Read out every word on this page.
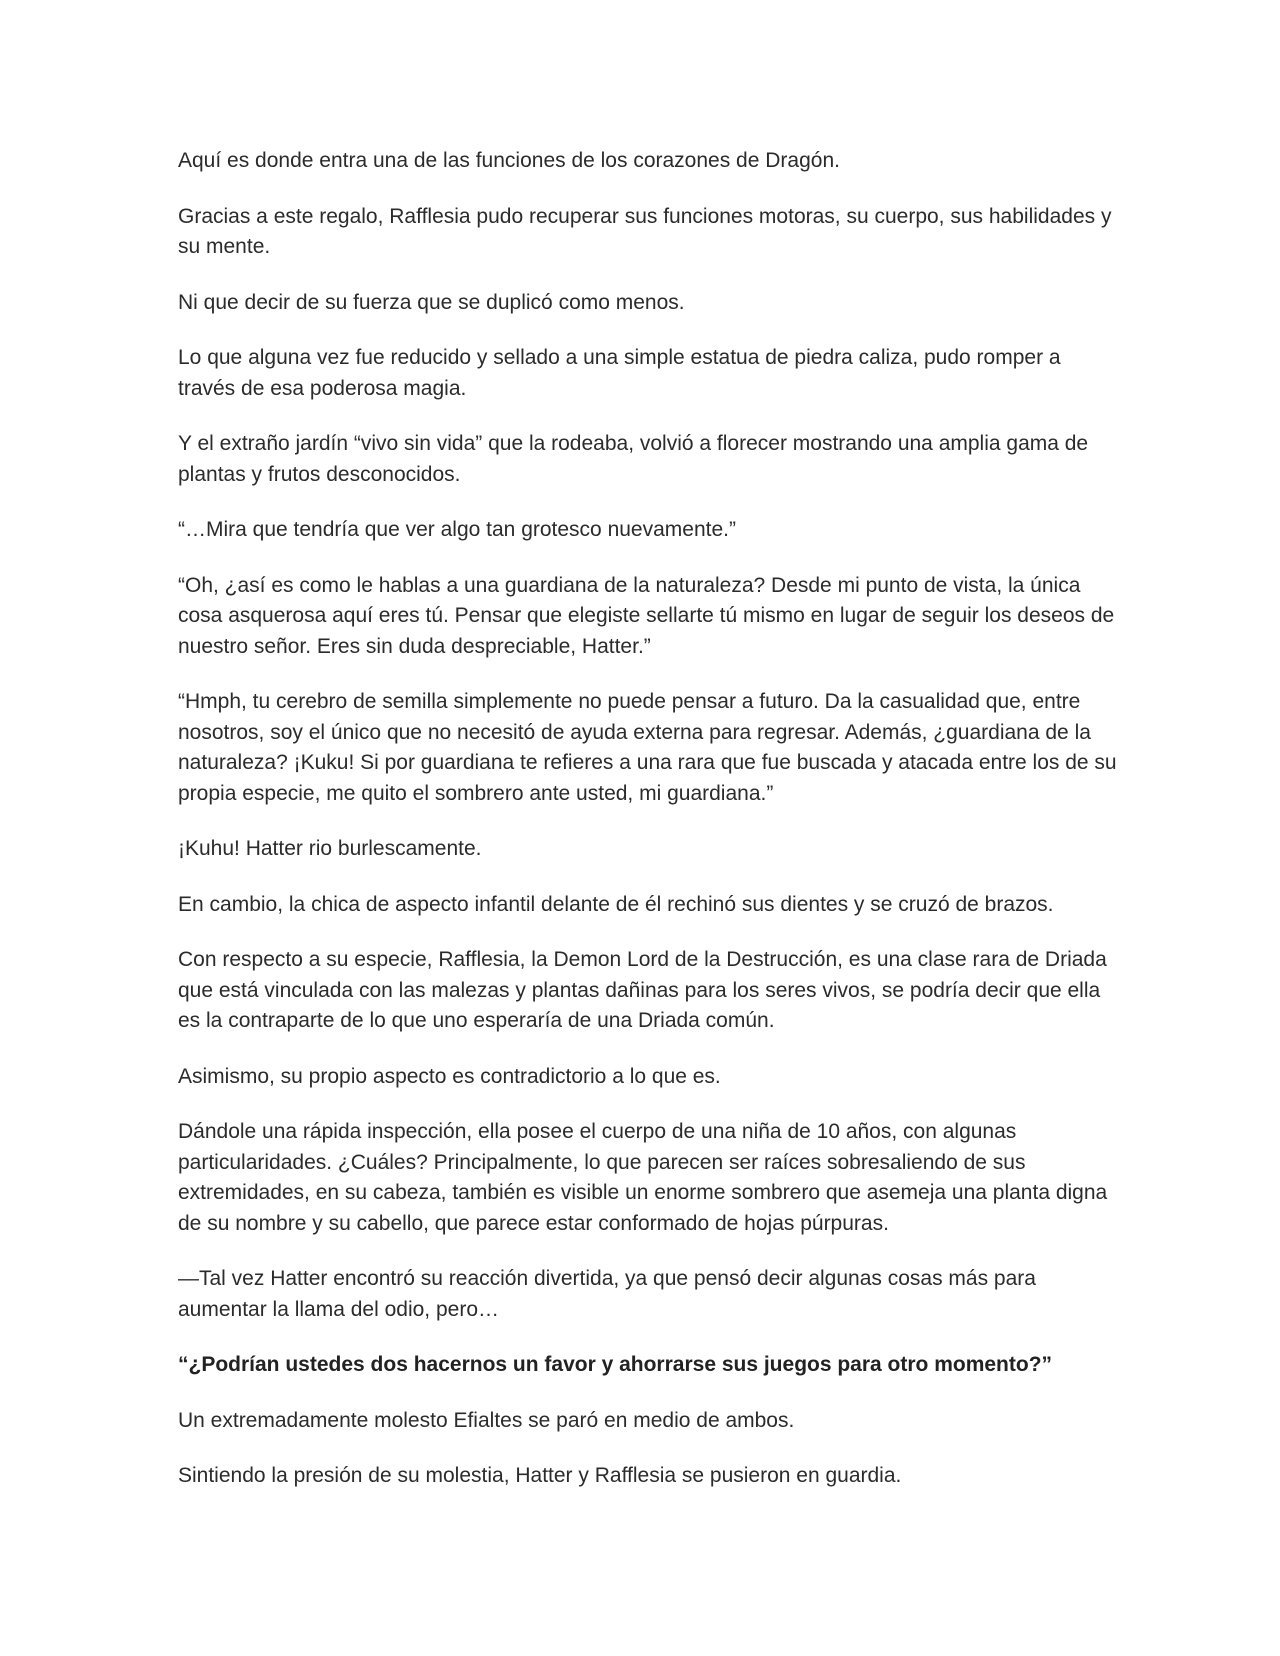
Aquí es donde entra una de las funciones de los corazones de Dragón.

Gracias a este regalo, Rafflesia pudo recuperar sus funciones motoras, su cuerpo, sus habilidades y su mente.

Ni que decir de su fuerza que se duplicó como menos.

Lo que alguna vez fue reducido y sellado a una simple estatua de piedra caliza, pudo romper a través de esa poderosa magia.

Y el extraño jardín “vivo sin vida” que la rodeaba, volvió a florecer mostrando una amplia gama de plantas y frutos desconocidos.

“…Mira que tendría que ver algo tan grotesco nuevamente.”

“Oh, ¿así es como le hablas a una guardiana de la naturaleza? Desde mi punto de vista, la única cosa asquerosa aquí eres tú. Pensar que elegiste sellarte tú mismo en lugar de seguir los deseos de nuestro señor. Eres sin duda despreciable, Hatter.”

“Hmph, tu cerebro de semilla simplemente no puede pensar a futuro. Da la casualidad que, entre nosotros, soy el único que no necesitó de ayuda externa para regresar. Además, ¿guardiana de la naturaleza? ¡Kuku! Si por guardiana te refieres a una rara que fue buscada y atacada entre los de su propia especie, me quito el sombrero ante usted, mi guardiana.”

¡Kuhu! Hatter rio burlescamente.

En cambio, la chica de aspecto infantil delante de él rechinó sus dientes y se cruzó de brazos.

Con respecto a su especie, Rafflesia, la Demon Lord de la Destrucción, es una clase rara de Driada que está vinculada con las malezas y plantas dañinas para los seres vivos, se podría decir que ella es la contraparte de lo que uno esperaría de una Driada común.

Asimismo, su propio aspecto es contradictorio a lo que es.

Dándole una rápida inspección, ella posee el cuerpo de una niña de 10 años, con algunas particularidades. ¿Cuáles? Principalmente, lo que parecen ser raíces sobresaliendo de sus extremidades, en su cabeza, también es visible un enorme sombrero que asemeja una planta digna de su nombre y su cabello, que parece estar conformado de hojas púrpuras.

—Tal vez Hatter encontró su reacción divertida, ya que pensó decir algunas cosas más para aumentar la llama del odio, pero…

“¿Podrían ustedes dos hacernos un favor y ahorrarse sus juegos para otro momento?”

Un extremadamente molesto Efialtes se paró en medio de ambos.

Sintiendo la presión de su molestia, Hatter y Rafflesia se pusieron en guardia.
